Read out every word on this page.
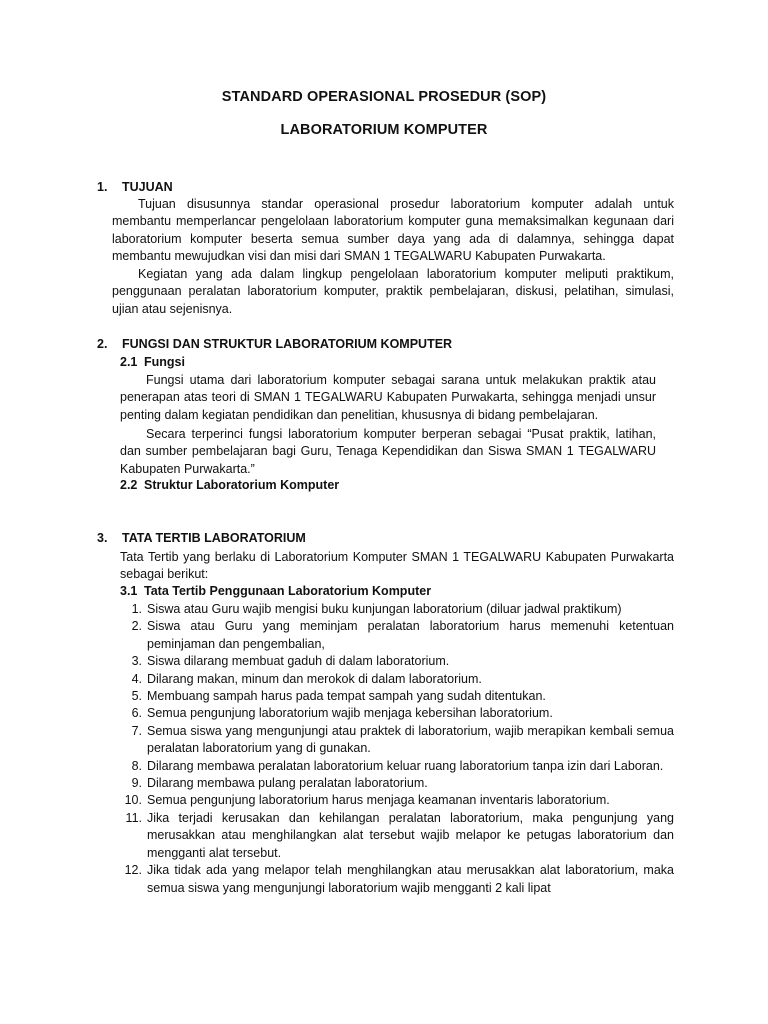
STANDARD OPERASIONAL PROSEDUR (SOP)
LABORATORIUM KOMPUTER
1. TUJUAN
Tujuan disusunnya standar operasional prosedur laboratorium komputer adalah untuk membantu memperlancar pengelolaan laboratorium komputer guna memaksimalkan kegunaan dari laboratorium komputer beserta semua sumber daya yang ada di dalamnya, sehingga dapat membantu mewujudkan visi dan misi dari SMAN 1 TEGALWARU Kabupaten Purwakarta.
Kegiatan yang ada dalam lingkup pengelolaan laboratorium komputer meliputi praktikum, penggunaan peralatan laboratorium komputer, praktik pembelajaran, diskusi, pelatihan, simulasi, ujian atau sejenisnya.
2. FUNGSI DAN STRUKTUR LABORATORIUM KOMPUTER
2.1 Fungsi
Fungsi utama dari laboratorium komputer sebagai sarana untuk melakukan praktik atau penerapan atas teori di SMAN 1 TEGALWARU Kabupaten Purwakarta, sehingga menjadi unsur penting dalam kegiatan pendidikan dan penelitian, khususnya di bidang pembelajaran.
Secara terperinci fungsi laboratorium komputer berperan sebagai “Pusat praktik, latihan, dan sumber pembelajaran bagi Guru, Tenaga Kependidikan dan Siswa SMAN 1 TEGALWARU Kabupaten Purwakarta.”
2.2 Struktur Laboratorium Komputer
3. TATA TERTIB LABORATORIUM
Tata Tertib yang berlaku di Laboratorium Komputer SMAN 1 TEGALWARU Kabupaten Purwakarta sebagai berikut:
3.1 Tata Tertib Penggunaan Laboratorium Komputer
1. Siswa atau Guru wajib mengisi buku kunjungan laboratorium (diluar jadwal praktikum)
2. Siswa atau Guru yang meminjam peralatan laboratorium harus memenuhi ketentuan peminjaman dan pengembalian,
3. Siswa dilarang membuat gaduh di dalam laboratorium.
4. Dilarang makan, minum dan merokok di dalam laboratorium.
5. Membuang sampah harus pada tempat sampah yang sudah ditentukan.
6. Semua pengunjung laboratorium wajib menjaga kebersihan laboratorium.
7. Semua siswa yang mengunjungi atau praktek di laboratorium, wajib merapikan kembali semua peralatan laboratorium yang di gunakan.
8. Dilarang membawa peralatan laboratorium keluar ruang laboratorium tanpa izin dari Laboran.
9. Dilarang membawa pulang peralatan laboratorium.
10. Semua pengunjung laboratorium harus menjaga keamanan inventaris laboratorium.
11. Jika terjadi kerusakan dan kehilangan peralatan laboratorium, maka pengunjung yang merusakkan atau menghilangkan alat tersebut wajib melapor ke petugas laboratorium dan mengganti alat tersebut.
12. Jika tidak ada yang melapor telah menghilangkan atau merusakkan alat laboratorium, maka semua siswa yang mengunjungi laboratorium wajib mengganti 2 kali lipat
